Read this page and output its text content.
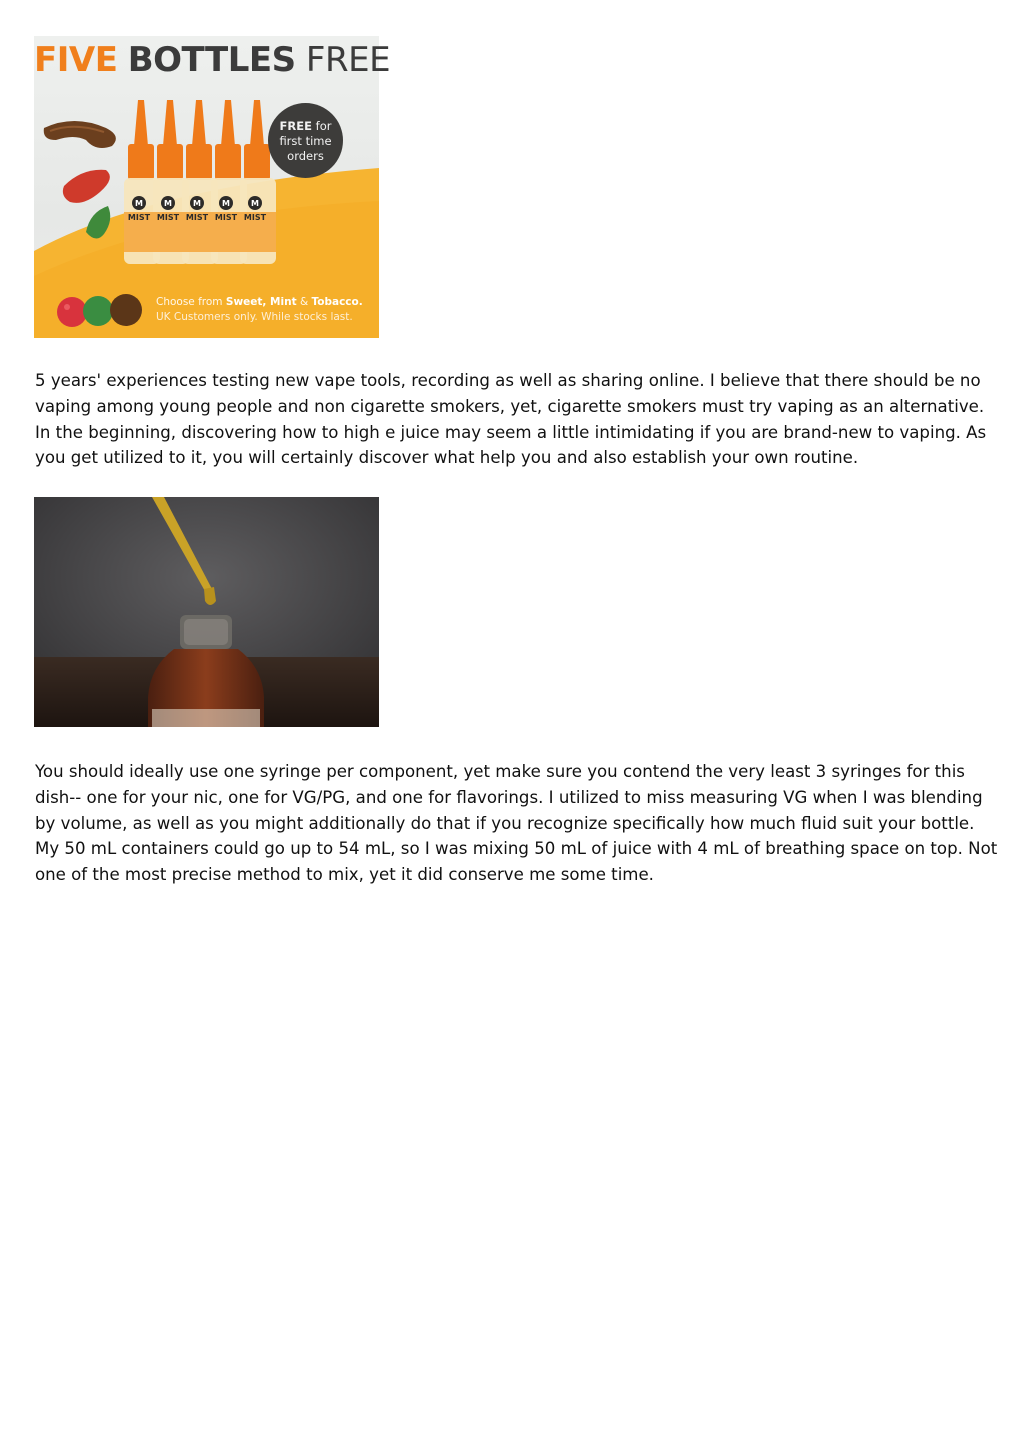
M	M	M	M	M
MIST MIST MIST MIST MIST
FIVE BOTTLES FREE
FREE for
first time
orders
Choose from Sweet, Mint & Tobacco.
UK Customers only. While stocks last.

5 years' experiences testing new vape tools, recording as well as sharing online. I believe that there should be no vaping among young people and non cigarette smokers, yet, cigarette smokers must try vaping as an alternative. In the beginning, discovering how to high e juice may seem a little intimidating if you are brand-new to vaping. As you get utilized to it, you will certainly discover what help you and also establish your own routine.

You should ideally use one syringe per component, yet make sure you contend the very least 3 syringes for this dish-- one for your nic, one for VG/PG, and one for flavorings. I utilized to miss measuring VG when I was blending by volume, as well as you might additionally do that if you recognize specifically how much fluid suit your bottle. My 50 mL containers could go up to 54 mL, so I was mixing 50 mL of juice with 4 mL of breathing space on top. Not one of the most precise method to mix, yet it did conserve me some time.
